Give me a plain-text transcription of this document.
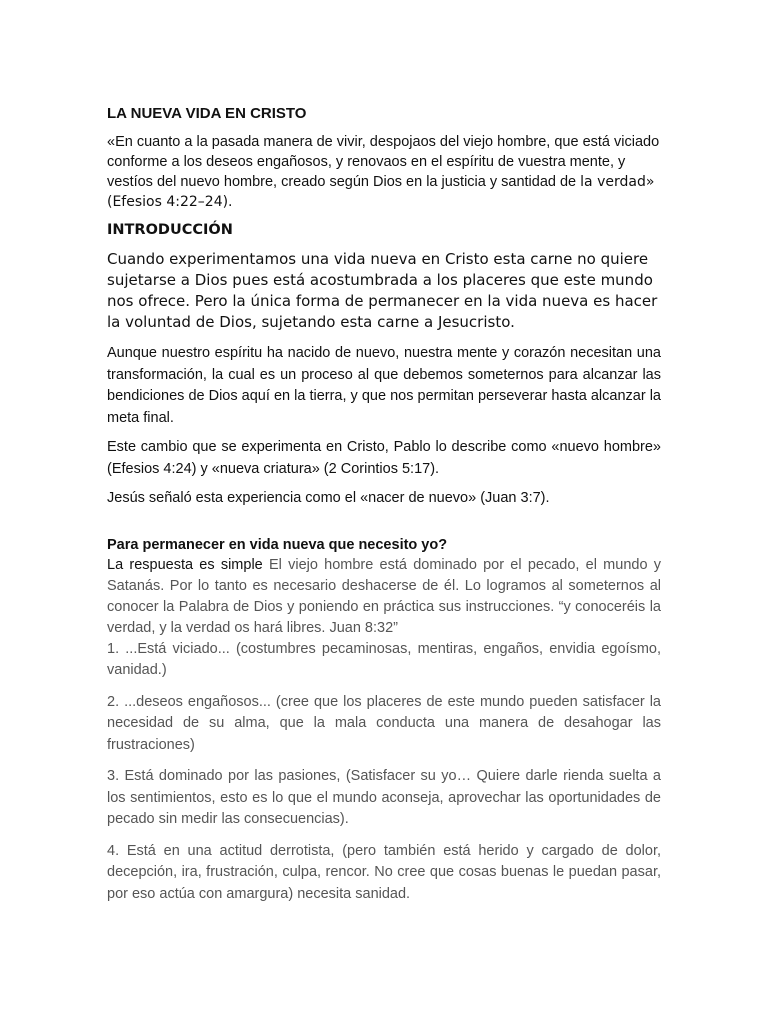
LA NUEVA VIDA EN CRISTO
«En cuanto a la pasada manera de vivir, despojaos del viejo hombre, que está viciado conforme a los deseos engañosos, y renovaos en el espíritu de vuestra mente, y vestíos del nuevo hombre, creado según Dios en la justicia y santidad de la verdad» (Efesios 4:22–24).
INTRODUCCIÓN
Cuando experimentamos una vida nueva en Cristo esta carne no quiere sujetarse a Dios pues está acostumbrada a los placeres que este mundo nos ofrece. Pero la única forma de permanecer en la vida nueva es hacer la voluntad de Dios, sujetando esta carne a Jesucristo.
Aunque nuestro espíritu ha nacido de nuevo, nuestra mente y corazón necesitan una transformación, la cual es un proceso al que debemos someternos para alcanzar las bendiciones de Dios aquí en la tierra, y que nos permitan perseverar hasta alcanzar la meta final.
Este cambio que se experimenta en Cristo, Pablo lo describe como «nuevo hombre» (Efesios 4:24) y «nueva criatura» (2 Corintios 5:17).
Jesús señaló esta experiencia como el «nacer de nuevo» (Juan 3:7).
Para permanecer en vida nueva que necesito yo?
La respuesta es simple El viejo hombre está dominado por el pecado, el mundo y Satanás. Por lo tanto es necesario deshacerse de él. Lo logramos al someternos al conocer la Palabra de Dios y poniendo en práctica sus instrucciones. “y conoceréis la verdad, y la verdad os hará libres. Juan 8:32”
1. ...Está viciado... (costumbres pecaminosas, mentiras, engaños, envidia egoísmo, vanidad.)
2. ...deseos engañosos... (cree que los placeres de este mundo pueden satisfacer la necesidad de su alma, que la mala conducta una manera de desahogar las frustraciones)
3. Está dominado por las pasiones, (Satisfacer su yo… Quiere darle rienda suelta a los sentimientos, esto es lo que el mundo aconseja, aprovechar las oportunidades de pecado sin medir las consecuencias).
4. Está en una actitud derrotista, (pero también está herido y cargado de dolor, decepción, ira, frustración, culpa, rencor. No cree que cosas buenas le puedan pasar, por eso actúa con amargura) necesita sanidad.
